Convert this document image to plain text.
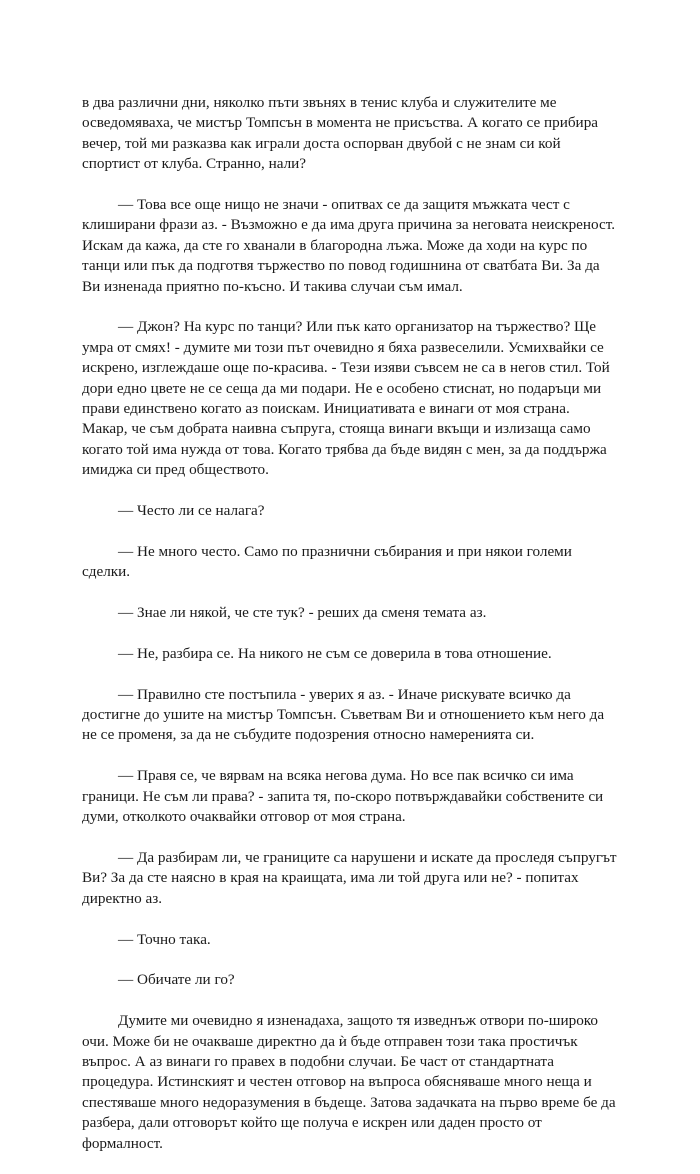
в два различни дни, няколко пъти звънях в тенис клуба и служителите ме осведомяваха, че мистър Томпсън в момента не присъства. А когато се прибира вечер, той ми разказва как играли доста оспорван двубой с не знам си кой спортист от клуба. Странно, нали?

— Това все още нищо не значи - опитвах се да защитя мъжката чест с клиширани фрази аз. - Възможно е да има друга причина за неговата неискреност. Искам да кажа, да сте го хванали в благородна лъжа. Може да ходи на курс по танци или пък да подготвя тържество по повод годишнина от сватбата Ви. За да Ви изненада приятно по-късно. И такива случаи съм имал.

— Джон? На курс по танци? Или пък като организатор на тържество? Ще умра от смях! - думите ми този път очевидно я бяха развеселили. Усмихвайки се искрено, изглеждаше още по-красива. - Тези изяви съвсем не са в негов стил. Той дори едно цвете не се сеща да ми подари. Не е особено стиснат, но подаръци ми прави единствено когато аз поискам. Инициативата е винаги от моя страна. Макар, че съм добрата наивна съпруга, стояща винаги вкъщи и излизаща само когато той има нужда от това. Когато трябва да бъде видян с мен, за да поддържа имиджа си пред обществото.

— Често ли се налага?

— Не много често. Само по празнични събирания и при някои големи сделки.

— Знае ли някой, че сте тук? - реших да сменя темата аз.

— Не, разбира се. На никого не съм се доверила в това отношение.

— Правилно сте постъпила - уверих я аз. - Иначе рискувате всичко да достигне до ушите на мистър Томпсън. Съветвам Ви и отношението към него да не се променя, за да не събудите подозрения относно намеренията си.

— Правя се, че вярвам на всяка негова дума. Но все пак всичко си има граници. Не съм ли права? - запита тя, по-скоро потвърждавайки собствените си думи, отколкото очаквайки отговор от моя страна.

— Да разбирам ли, че границите са нарушени и искате да проследя съпругът Ви? За да сте наясно в края на краищата, има ли той друга или не? - попитах директно аз.

— Точно така.

— Обичате ли го?

Думите ми очевидно я изненадаха, защото тя изведнъж отвори по-широко очи. Може би не очакваше директно да ѝ бъде отправен този така простичък въпрос. А аз винаги го правех в подобни случаи. Бе част от стандартната процедура. Истинският и честен отговор на въпроса обясняваше много неща и спестяваше много недоразумения в бъдеще. Затова задачката на първо време бе да разбера, дали отговорът който ще получа е искрен или даден просто от формалност.
